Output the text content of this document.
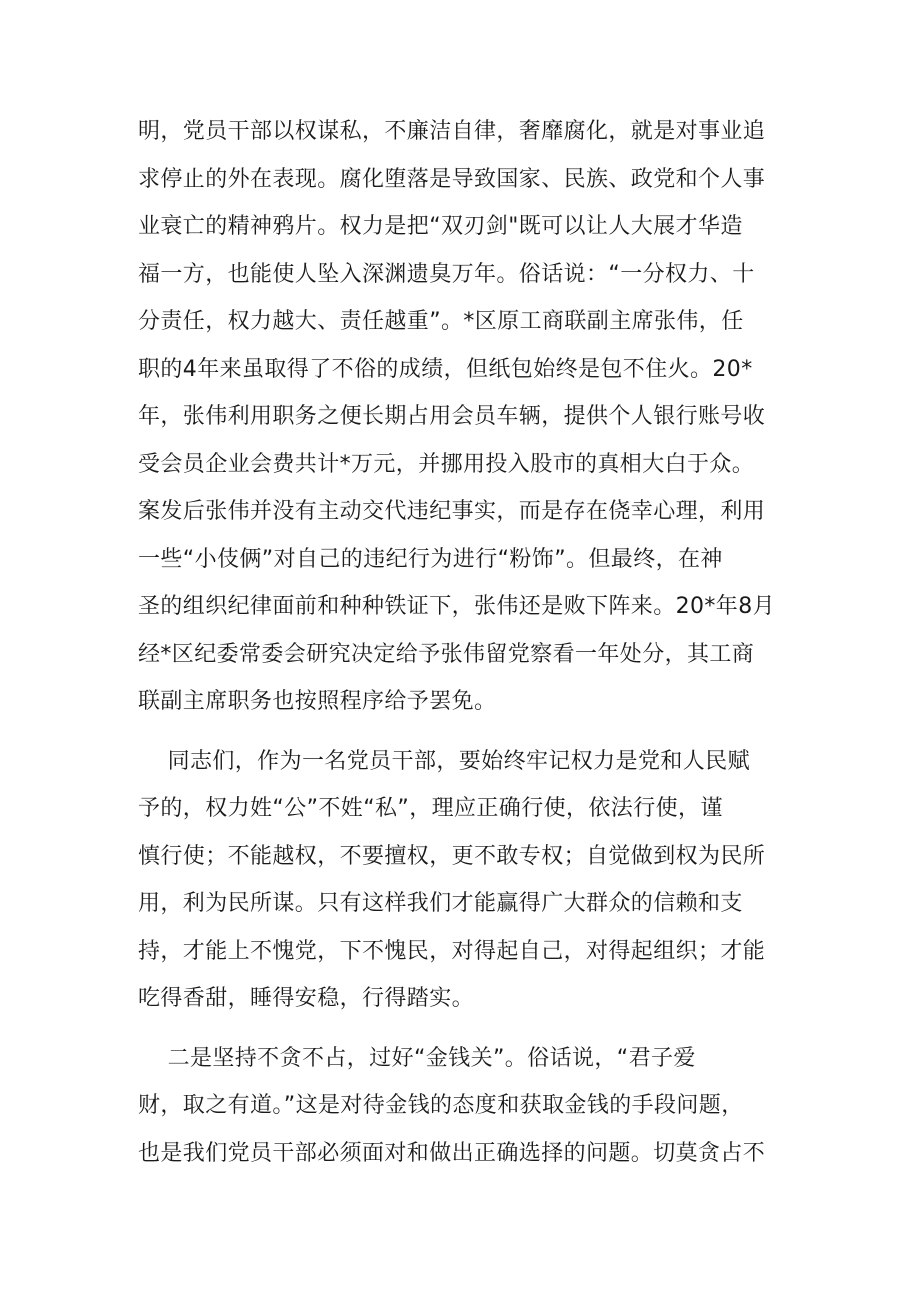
明，党员干部以权谋私，不廉洁自律，奢靡腐化，就是对事业追
求停止的外在表现。腐化堕落是导致国家、民族、政党和个人事
业衰亡的精神鸦片。权力是把“双刃剑"既可以让人大展才华造
福一方，也能使人坠入深渊遗臭万年。俗话说：“一分权力、十
分责任，权力越大、责任越重”。*区原工商联副主席张伟，任
职的4年来虽取得了不俗的成绩，但纸包始终是包不住火。20*
年，张伟利用职务之便长期占用会员车辆，提供个人银行账号收
受会员企业会费共计*万元，并挪用投入股市的真相大白于众。
案发后张伟并没有主动交代违纪事实，而是存在侥幸心理，利用
一些“小伎俩”对自己的违纪行为进行“粉饰”。但最终，在神
圣的组织纪律面前和种种铁证下，张伟还是败下阵来。20*年8月
经*区纪委常委会研究决定给予张伟留党察看一年处分，其工商
联副主席职务也按照程序给予罢免。
同志们，作为一名党员干部，要始终牢记权力是党和人民赋
予的，权力姓“公”不姓“私”，理应正确行使，依法行使，谨
慎行使；不能越权，不要擅权，更不敢专权；自觉做到权为民所
用，利为民所谋。只有这样我们才能赢得广大群众的信赖和支
持，才能上不愧党，下不愧民，对得起自己，对得起组织；才能
吃得香甜，睡得安稳，行得踏实。
二是坚持不贪不占，过好“金钱关”。俗话说，“君子爱
财，取之有道。”这是对待金钱的态度和获取金钱的手段问题，
也是我们党员干部必须面对和做出正确选择的问题。切莫贪占不
